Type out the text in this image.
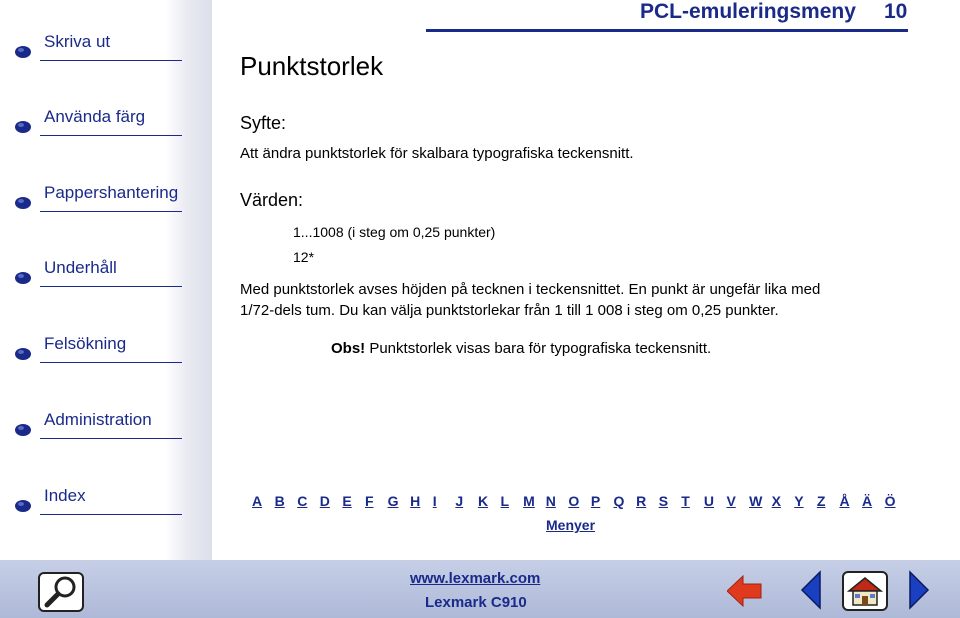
Skriva ut
Använda färg
Pappershantering
Underhåll
Felsökning
Administration
Index
PCL-emuleringsmeny 10
Punktstorlek
Syfte:
Att ändra punktstorlek för skalbara typografiska teckensnitt.
Värden:
1...1008 (i steg om 0,25 punkter)
12*
Med punktstorlek avses höjden på tecknen i teckensnittet. En punkt är ungefär lika med
1/72-dels tum. Du kan välja punktstorlekar från 1 till 1 008 i steg om 0,25 punkter.
Obs! Punktstorlek visas bara för typografiska teckensnitt.
A B C D E F	G H I	J	K L	M N O P Q R S T	U V W X Y Z	Å Ä Ö
Menyer
www.lexmark.com
Lexmark C910
